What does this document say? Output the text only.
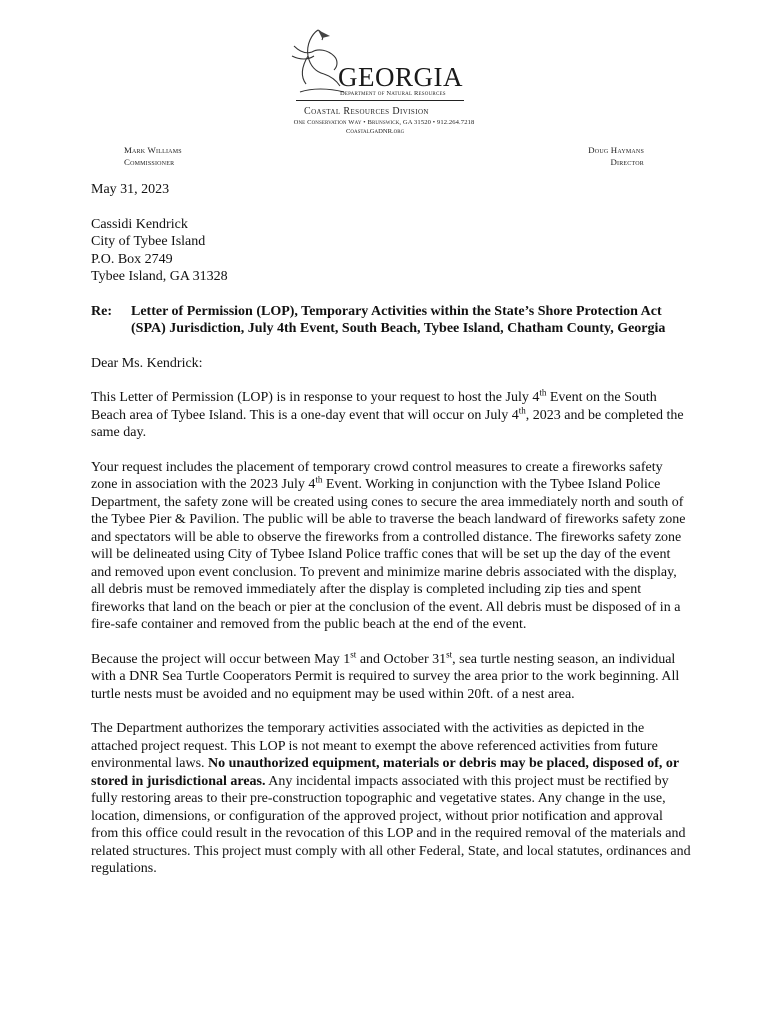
GEORGIA
Department of Natural Resources
Coastal Resources Division
One Conservation Way • Brunswick, GA 31520 • 912.264.7218
CoastalGaDNR.org
Mark Williams
Commissioner
Doug Haymans
Director

May 31, 2023

Cassidi Kendrick
City of Tybee Island
P.O. Box 2749
Tybee Island, GA 31328

Re: Letter of Permission (LOP), Temporary Activities within the State’s Shore Protection Act (SPA) Jurisdiction, July 4th Event, South Beach, Tybee Island, Chatham County, Georgia

Dear Ms. Kendrick:

This Letter of Permission (LOP) is in response to your request to host the July 4th Event on the South Beach area of Tybee Island. This is a one-day event that will occur on July 4th, 2023 and be completed the same day.

Your request includes the placement of temporary crowd control measures to create a fireworks safety zone in association with the 2023 July 4th Event. Working in conjunction with the Tybee Island Police Department, the safety zone will be created using cones to secure the area immediately north and south of the Tybee Pier & Pavilion. The public will be able to traverse the beach landward of fireworks safety zone and spectators will be able to observe the fireworks from a controlled distance. The fireworks safety zone will be delineated using City of Tybee Island Police traffic cones that will be set up the day of the event and removed upon event conclusion. To prevent and minimize marine debris associated with the display, all debris must be removed immediately after the display is completed including zip ties and spent fireworks that land on the beach or pier at the conclusion of the event. All debris must be disposed of in a fire-safe container and removed from the public beach at the end of the event.

Because the project will occur between May 1st and October 31st, sea turtle nesting season, an individual with a DNR Sea Turtle Cooperators Permit is required to survey the area prior to the work beginning. All turtle nests must be avoided and no equipment may be used within 20ft. of a nest area.

The Department authorizes the temporary activities associated with the activities as depicted in the attached project request. This LOP is not meant to exempt the above referenced activities from future environmental laws. No unauthorized equipment, materials or debris may be placed, disposed of, or stored in jurisdictional areas. Any incidental impacts associated with this project must be rectified by fully restoring areas to their pre-construction topographic and vegetative states. Any change in the use, location, dimensions, or configuration of the approved project, without prior notification and approval from this office could result in the revocation of this LOP and in the required removal of the materials and related structures. This project must comply with all other Federal, State, and local statutes, ordinances and regulations.
